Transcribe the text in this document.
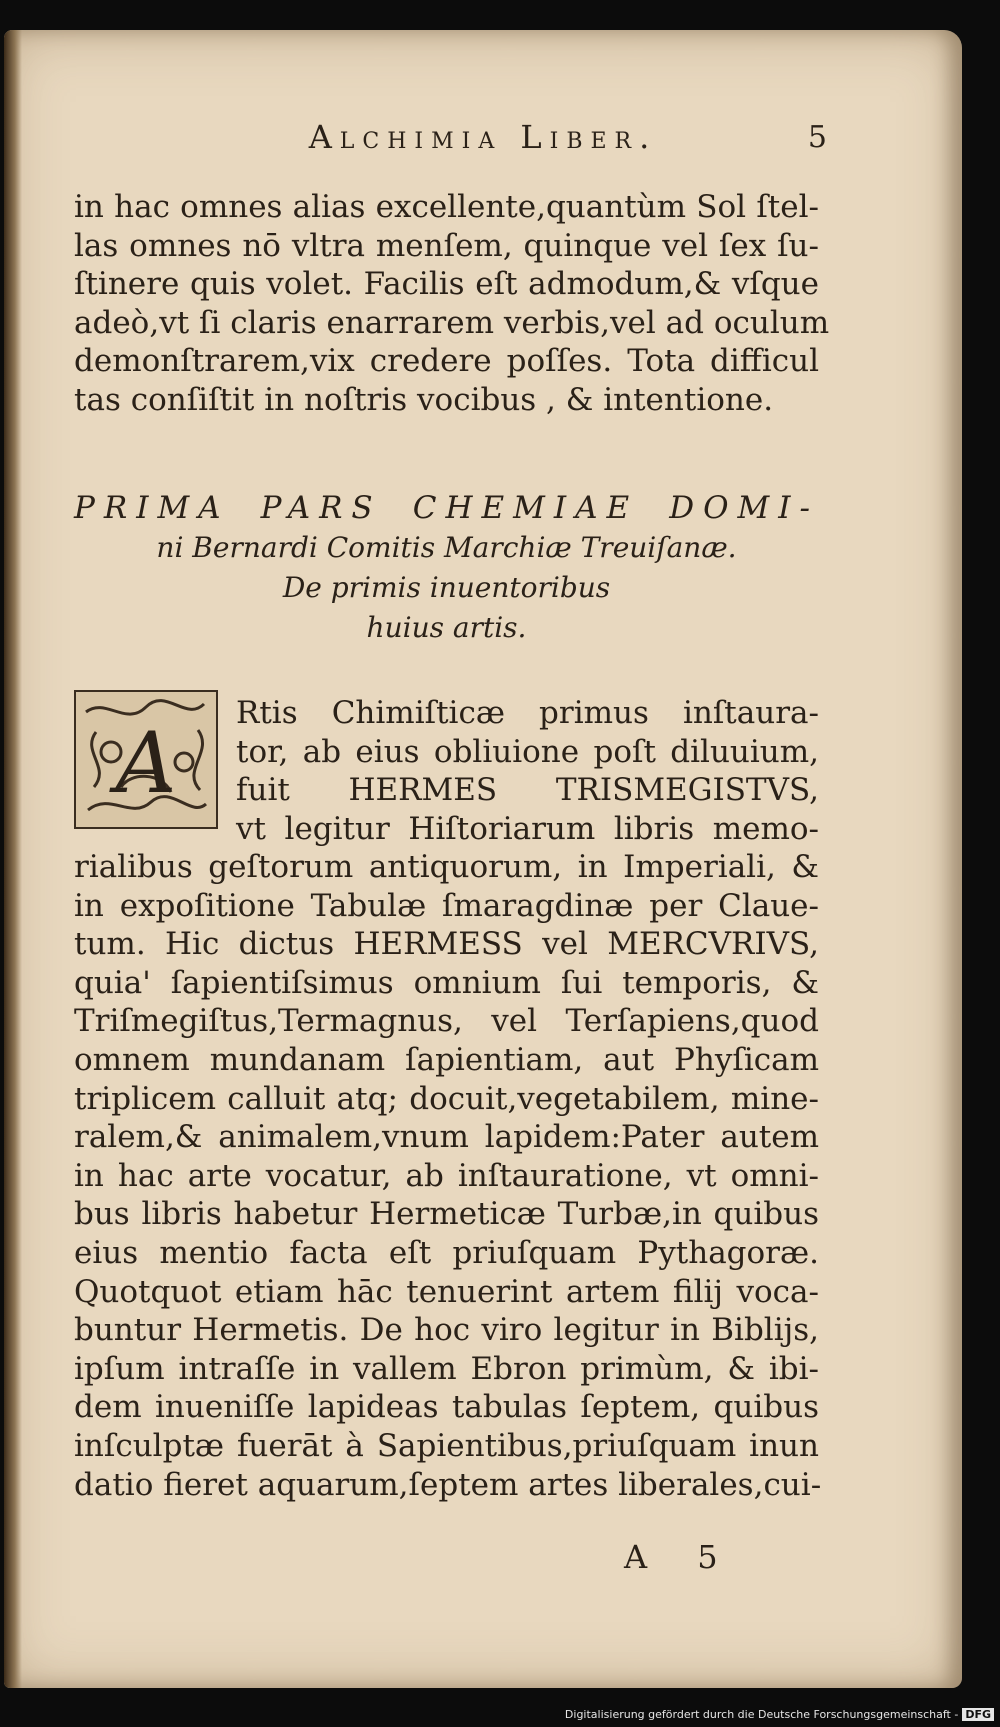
Alchimia Liber.	5
in hac omnes alias excellente,quantùm Sol ſtel-
las omnes nō vltra menſem, quinque vel ſex ſu-
ſtinere quis volet. Facilis eſt admodum,& vſque
adeò,vt ſi claris enarrarem verbis,vel ad oculum
demonſtrarem,vix credere poſſes. Tota difficul
tas conſiſtit in noſtris vocibus , & intentione.
PRIMA PARS CHEMIAE DOMI-
ni Bernardi Comitis Marchiæ Treuiſanæ.
De primis inuentoribus
huius artis.
A
Rtis Chimiſticæ primus inſtaura-
tor, ab eius obliuione poſt diluuium,
fuit HERMES TRISMEGISTVS,
vt legitur Hiſtoriarum libris memo-
rialibus geſtorum antiquorum, in Imperiali, &
in expoſitione Tabulæ ſmaragdinæ per Claue-
tum. Hic dictus HERMESS vel MERCVRIVS,
quia' ſapientiſsimus omnium ſui temporis, &
Triſmegiſtus,Termagnus, vel Terſapiens,quod
omnem mundanam ſapientiam, aut Phyſicam
triplicem calluit atq; docuit,vegetabilem, mine-
ralem,& animalem,vnum lapidem:Pater autem
in hac arte vocatur, ab inſtauratione, vt omni-
bus libris habetur Hermeticæ Turbæ,in quibus
eius mentio facta eſt priuſquam Pythagoræ.
Quotquot etiam hāc tenuerint artem filij voca-
buntur Hermetis. De hoc viro legitur in Biblijs,
ipſum intraſſe in vallem Ebron primùm, & ibi-
dem inueniſſe lapideas tabulas ſeptem, quibus
inſculptæ fuerāt à Sapientibus,priuſquam inun
datio fieret aquarum,ſeptem artes liberales,cui-
A 5
Digitalisierung gefördert durch die Deutsche Forschungsgemeinschaft - DFG
